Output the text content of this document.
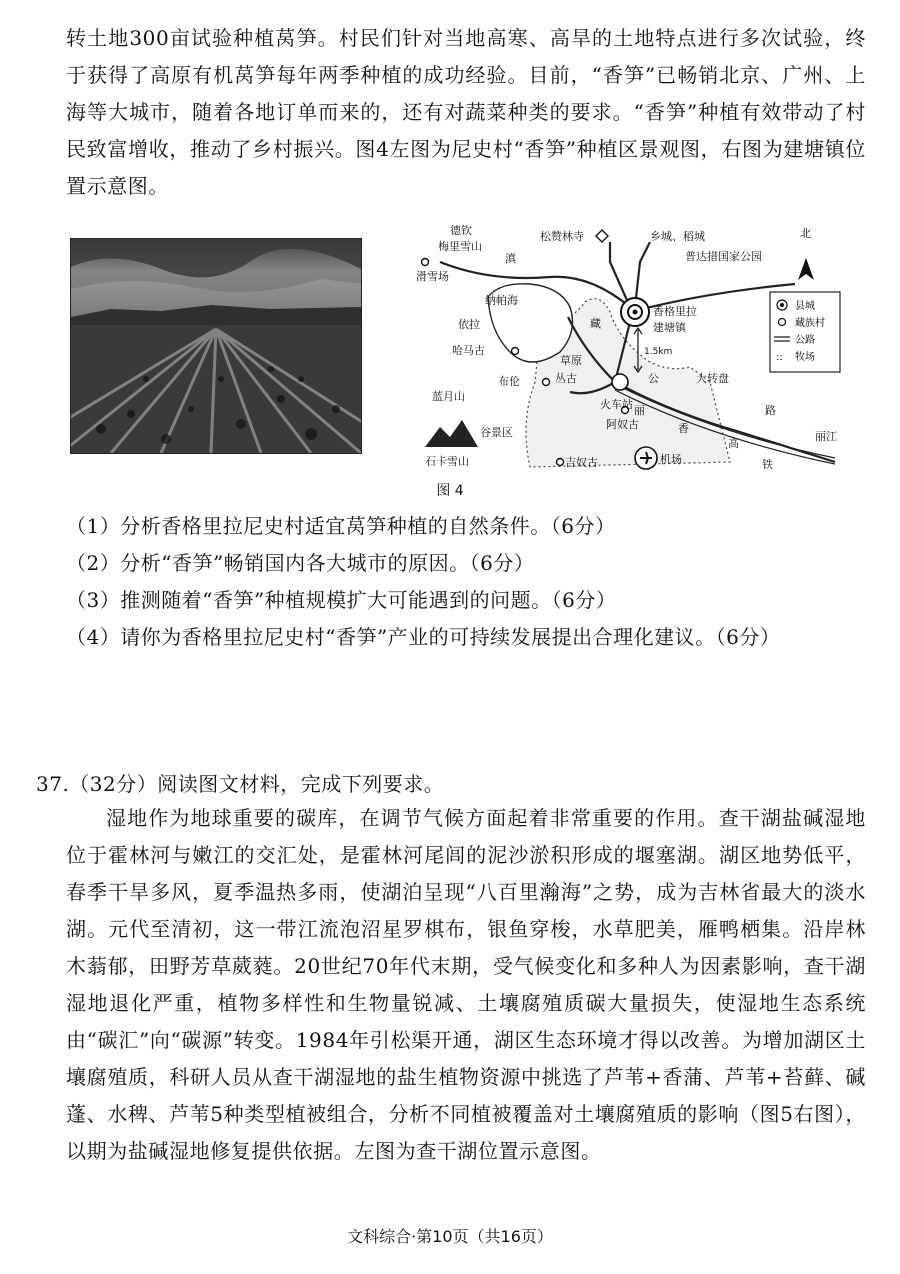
转土地300亩试验种植莴笋。村民们针对当地高寒、高旱的土地特点进行多次试验，终于获得了高原有机莴笋每年两季种植的成功经验。目前，“香笋”已畅销北京、广州、上海等大城市，随着各地订单而来的，还有对蔬菜种类的要求。“香笋”种植有效带动了村民致富增收，推动了乡村振兴。图4左图为尼史村“香笋”种植区景观图，右图为建塘镇位置示意图。

北
::
县城
藏族村
公路
牧场
德钦
梅里雪山
滑雪场
松赞林寺	乡城、稻城
普达措国家公园
香格里拉
建塘镇
哈马古
布伦	丛古
火车站
阿奴古
吉奴古	机场
大转盘
丽江
石卡雪山
1.5km
滇
纳帕海
依拉
草原
藏
公
香
路
丽
高
铁
蓝月山
谷景区
图 4

（1）分析香格里拉尼史村适宜莴笋种植的自然条件。（6分）

（2）分析“香笋”畅销国内各大城市的原因。（6分）

（3）推测随着“香笋”种植规模扩大可能遇到的问题。（6分）

（4）请你为香格里拉尼史村“香笋”产业的可持续发展提出合理化建议。（6分）

37.（32分）阅读图文材料，完成下列要求。

湿地作为地球重要的碳库，在调节气候方面起着非常重要的作用。查干湖盐碱湿地位于霍林河与嫩江的交汇处，是霍林河尾闾的泥沙淤积形成的堰塞湖。湖区地势低平，春季干旱多风，夏季温热多雨，使湖泊呈现“八百里瀚海”之势，成为吉林省最大的淡水湖。元代至清初，这一带江流泡沼星罗棋布，银鱼穿梭，水草肥美，雁鸭栖集。沿岸林木蓊郁，田野芳草葳蕤。20世纪70年代末期，受气候变化和多种人为因素影响，查干湖湿地退化严重，植物多样性和生物量锐减、土壤腐殖质碳大量损失，使湿地生态系统由“碳汇”向“碳源”转变。1984年引松渠开通，湖区生态环境才得以改善。为增加湖区土壤腐殖质，科研人员从查干湖湿地的盐生植物资源中挑选了芦苇+香蒲、芦苇+苔藓、碱蓬、水稗、芦苇5种类型植被组合，分析不同植被覆盖对土壤腐殖质的影响（图5右图），以期为盐碱湿地修复提供依据。左图为查干湖位置示意图。

文科综合·第10页（共16页）
